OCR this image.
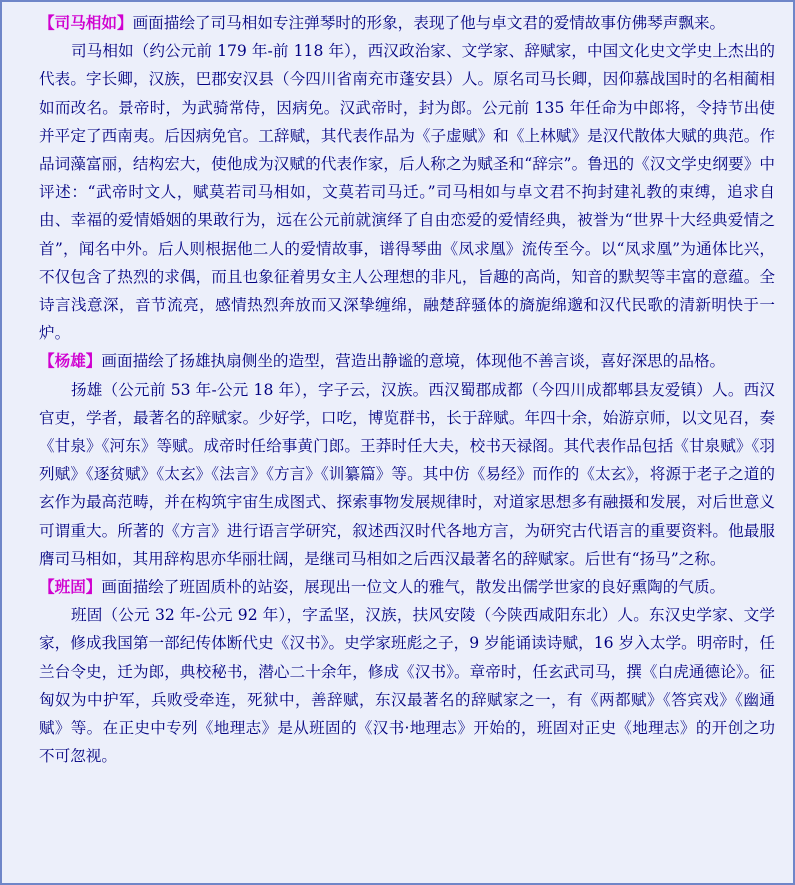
【司马相如】画面描绘了司马相如专注弹琴时的形象，表现了他与卓文君的爱情故事仿佛琴声飘来。

司马相如（约公元前 179 年-前 118 年），西汉政治家、文学家、辞赋家，中国文化史文学史上杰出的代表。字长卿，汉族，巴郡安汉县（今四川省南充市蓬安县）人。原名司马长卿，因仰慕战国时的名相蔺相如而改名。景帝时，为武骑常侍，因病免。汉武帝时，封为郎。公元前 135 年任命为中郎将，令持节出使并平定了西南夷。后因病免官。工辞赋，其代表作品为《子虚赋》和《上林赋》是汉代散体大赋的典范。作品词藻富丽，结构宏大，使他成为汉赋的代表作家，后人称之为赋圣和“辞宗”。鲁迅的《汉文学史纲要》中评述：“武帝时文人，赋莫若司马相如，文莫若司马迁。”司马相如与卓文君不拘封建礼教的束缚，追求自由、幸福的爱情婚姻的果敢行为，远在公元前就演绎了自由恋爱的爱情经典，被誉为“世界十大经典爱情之首”，闻名中外。后人则根据他二人的爱情故事，谱得琴曲《凤求凰》流传至今。以“凤求凰”为通体比兴，不仅包含了热烈的求偶，而且也象征着男女主人公理想的非凡，旨趣的高尚，知音的默契等丰富的意蕴。全诗言浅意深，音节流亮，感情热烈奔放而又深挚缠绵，融楚辞骚体的旖旎绵邈和汉代民歌的清新明快于一炉。

【杨雄】画面描绘了扬雄执扇侧坐的造型，营造出静谧的意境，体现他不善言谈，喜好深思的品格。

扬雄（公元前 53 年-公元 18 年），字子云，汉族。西汉蜀郡成都（今四川成都郫县友爱镇）人。西汉官吏，学者，最著名的辞赋家。少好学，口吃，博览群书，长于辞赋。年四十余，始游京师，以文见召，奏《甘泉》《河东》等赋。成帝时任给事黄门郎。王莽时任大夫，校书天禄阁。其代表作品包括《甘泉赋》《羽列赋》《逐贫赋》《太玄》《法言》《方言》《训纂篇》等。其中仿《易经》而作的《太玄》，将源于老子之道的玄作为最高范畴，并在构筑宇宙生成图式、探索事物发展规律时，对道家思想多有融摄和发展，对后世意义可谓重大。所著的《方言》进行语言学研究，叙述西汉时代各地方言，为研究古代语言的重要资料。他最服膺司马相如，其用辞构思亦华丽壮阔，是继司马相如之后西汉最著名的辞赋家。后世有“扬马”之称。

【班固】画面描绘了班固质朴的站姿，展现出一位文人的雅气，散发出儒学世家的良好熏陶的气质。

班固（公元 32 年-公元 92 年），字孟坚，汉族，扶风安陵（今陕西咸阳东北）人。东汉史学家、文学家，修成我国第一部纪传体断代史《汉书》。史学家班彪之子，9 岁能诵读诗赋，16 岁入太学。明帝时，任兰台令史，迁为郎，典校秘书，潜心二十余年，修成《汉书》。章帝时，任玄武司马，撰《白虎通德论》。征匈奴为中护军，兵败受牵连，死狱中，善辞赋，东汉最著名的辞赋家之一，有《两都赋》《答宾戏》《幽通赋》等。在正史中专列《地理志》是从班固的《汉书·地理志》开始的，班固对正史《地理志》的开创之功不可忽视。
